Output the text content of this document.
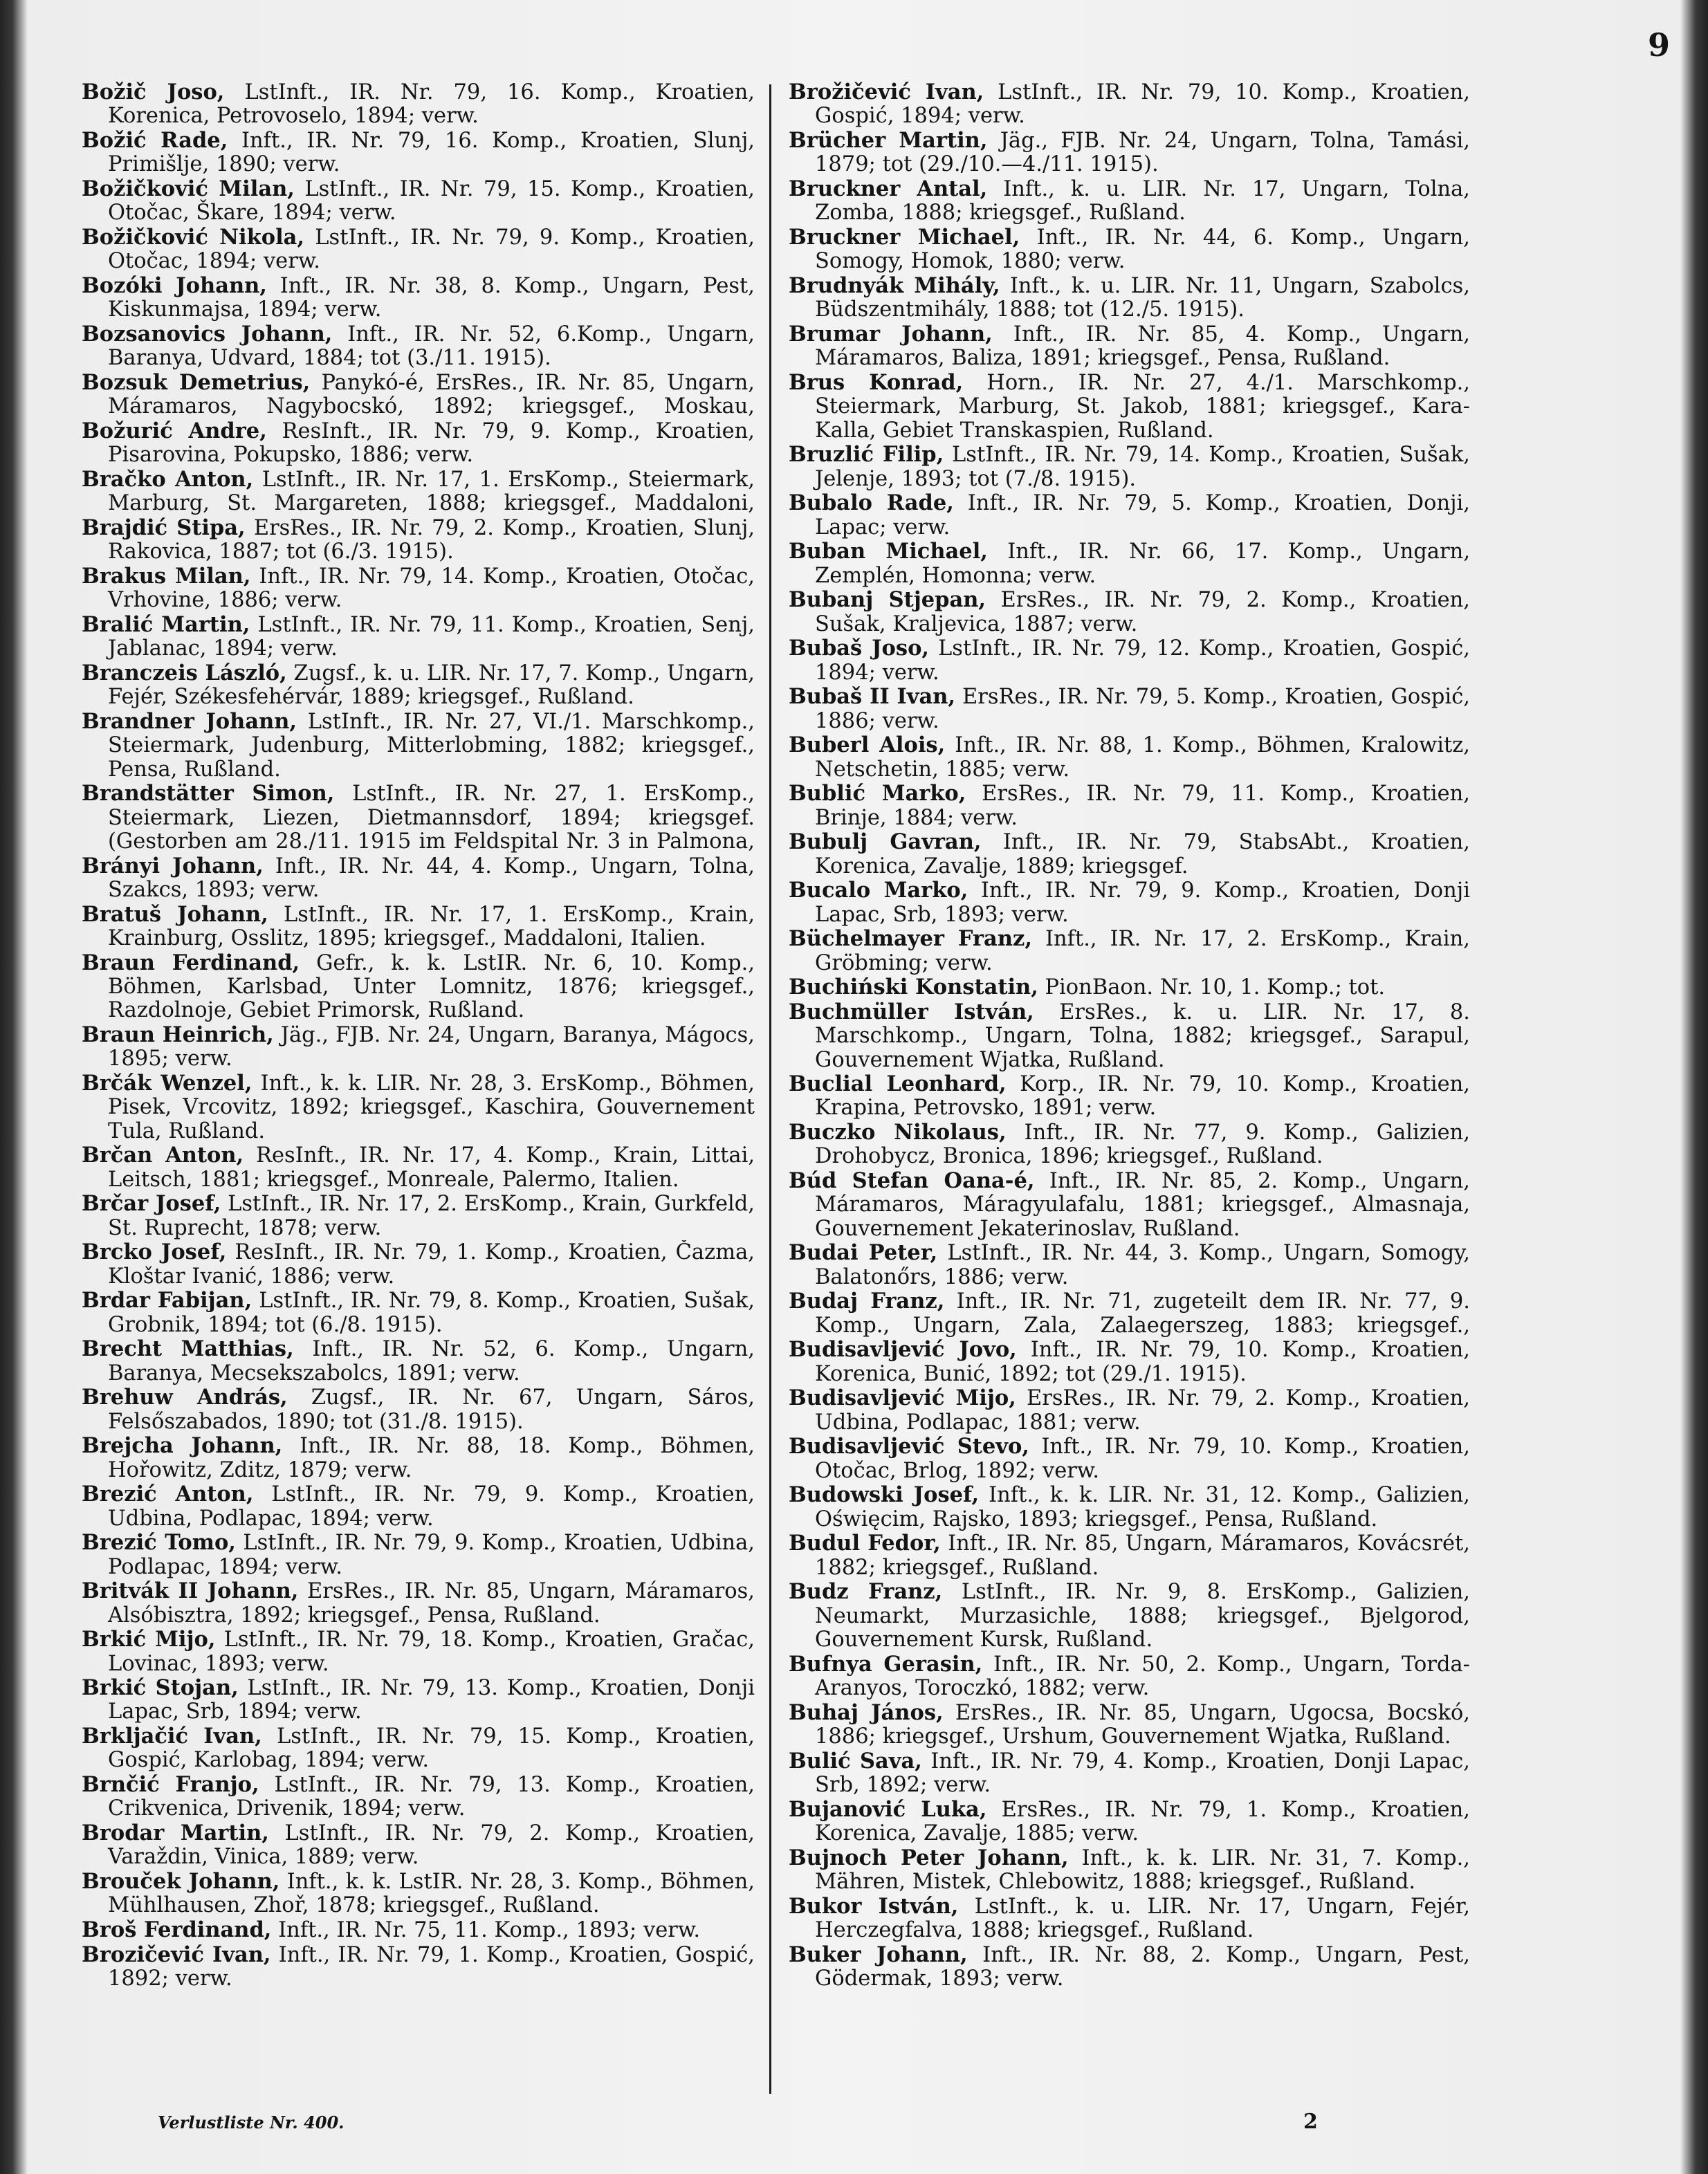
9

Božič Joso, LstInft., IR. Nr. 79, 16. Komp., Kroatien, Korenica, Petrovoselo, 1894; verw.

Božić Rade, Inft., IR. Nr. 79, 16. Komp., Kroatien, Slunj, Primišlje, 1890; verw.

Božičković Milan, LstInft., IR. Nr. 79, 15. Komp., Kroatien, Otočac, Škare, 1894; verw.

Božičković Nikola, LstInft., IR. Nr. 79, 9. Komp., Kroatien, Otočac, 1894; verw.

Bozóki Johann, Inft., IR. Nr. 38, 8. Komp., Ungarn, Pest, Kiskunmajsa, 1894; verw.

Bozsanovics Johann, Inft., IR. Nr. 52, 6.Komp., Ungarn, Baranya, Udvard, 1884; tot (3./11. 1915).

Bozsuk Demetrius, Panykó-é, ErsRes., IR. Nr. 85, Ungarn, Máramaros, Nagybocskó, 1892; kriegsgef., Moskau,

Božurić Andre, ResInft., IR. Nr. 79, 9. Komp., Kroatien, Pisarovina, Pokupsko, 1886; verw.

Bračko Anton, LstInft., IR. Nr. 17, 1. ErsKomp., Steiermark, Marburg, St. Margareten, 1888; kriegsgef., Maddaloni,

Brajdić Stipa, ErsRes., IR. Nr. 79, 2. Komp., Kroatien, Slunj, Rakovica, 1887; tot (6./3. 1915).

Brakus Milan, Inft., IR. Nr. 79, 14. Komp., Kroatien, Otočac, Vrhovine, 1886; verw.

Bralić Martin, LstInft., IR. Nr. 79, 11. Komp., Kroatien, Senj, Jablanac, 1894; verw.

Branczeis László, Zugsf., k. u. LIR. Nr. 17, 7. Komp., Ungarn, Fejér, Székesfehérvár, 1889; kriegsgef., Rußland.

Brandner Johann, LstInft., IR. Nr. 27, VI./1. Marschkomp., Steiermark, Judenburg, Mitterlobming, 1882; kriegsgef., Pensa, Rußland.

Brandstätter Simon, LstInft., IR. Nr. 27, 1. ErsKomp., Steiermark, Liezen, Dietmannsdorf, 1894; kriegsgef. (Gestorben am 28./11. 1915 im Feldspital Nr. 3 in Palmona,

Brányi Johann, Inft., IR. Nr. 44, 4. Komp., Ungarn, Tolna, Szakcs, 1893; verw.

Bratuš Johann, LstInft., IR. Nr. 17, 1. ErsKomp., Krain, Krainburg, Osslitz, 1895; kriegsgef., Maddaloni, Italien.

Braun Ferdinand, Gefr., k. k. LstIR. Nr. 6, 10. Komp., Böhmen, Karlsbad, Unter Lomnitz, 1876; kriegsgef., Razdolnoje, Gebiet Primorsk, Rußland.

Braun Heinrich, Jäg., FJB. Nr. 24, Ungarn, Baranya, Mágocs, 1895; verw.

Brčák Wenzel, Inft., k. k. LIR. Nr. 28, 3. ErsKomp., Böhmen, Pisek, Vrcovitz, 1892; kriegsgef., Kaschira, Gouvernement Tula, Rußland.

Brčan Anton, ResInft., IR. Nr. 17, 4. Komp., Krain, Littai, Leitsch, 1881; kriegsgef., Monreale, Palermo, Italien.

Brčar Josef, LstInft., IR. Nr. 17, 2. ErsKomp., Krain, Gurkfeld, St. Ruprecht, 1878; verw.

Brcko Josef, ResInft., IR. Nr. 79, 1. Komp., Kroatien, Čazma, Kloštar Ivanić, 1886; verw.

Brdar Fabijan, LstInft., IR. Nr. 79, 8. Komp., Kroatien, Sušak, Grobnik, 1894; tot (6./8. 1915).

Brecht Matthias, Inft., IR. Nr. 52, 6. Komp., Ungarn, Baranya, Mecsekszabolcs, 1891; verw.

Brehuw András, Zugsf., IR. Nr. 67, Ungarn, Sáros, Felsőszabados, 1890; tot (31./8. 1915).

Brejcha Johann, Inft., IR. Nr. 88, 18. Komp., Böhmen, Hořowitz, Zditz, 1879; verw.

Brezić Anton, LstInft., IR. Nr. 79, 9. Komp., Kroatien, Udbina, Podlapac, 1894; verw.

Brezić Tomo, LstInft., IR. Nr. 79, 9. Komp., Kroatien, Udbina, Podlapac, 1894; verw.

Britvák II Johann, ErsRes., IR. Nr. 85, Ungarn, Máramaros, Alsóbisztra, 1892; kriegsgef., Pensa, Rußland.

Brkić Mijo, LstInft., IR. Nr. 79, 18. Komp., Kroatien, Gračac, Lovinac, 1893; verw.

Brkić Stojan, LstInft., IR. Nr. 79, 13. Komp., Kroatien, Donji Lapac, Srb, 1894; verw.

Brkljačić Ivan, LstInft., IR. Nr. 79, 15. Komp., Kroatien, Gospić, Karlobag, 1894; verw.

Brnčić Franjo, LstInft., IR. Nr. 79, 13. Komp., Kroatien, Crikvenica, Drivenik, 1894; verw.

Brodar Martin, LstInft., IR. Nr. 79, 2. Komp., Kroatien, Varaždin, Vinica, 1889; verw.

Brouček Johann, Inft., k. k. LstIR. Nr. 28, 3. Komp., Böhmen, Mühlhausen, Zhoř, 1878; kriegsgef., Rußland.

Broš Ferdinand, Inft., IR. Nr. 75, 11. Komp., 1893; verw.

Brozičević Ivan, Inft., IR. Nr. 79, 1. Komp., Kroatien, Gospić, 1892; verw.

Brožičević Ivan, LstInft., IR. Nr. 79, 10. Komp., Kroatien, Gospić, 1894; verw.

Brücher Martin, Jäg., FJB. Nr. 24, Ungarn, Tolna, Tamási, 1879; tot (29./10.—4./11. 1915).

Bruckner Antal, Inft., k. u. LIR. Nr. 17, Ungarn, Tolna, Zomba, 1888; kriegsgef., Rußland.

Bruckner Michael, Inft., IR. Nr. 44, 6. Komp., Ungarn, Somogy, Homok, 1880; verw.

Brudnyák Mihály, Inft., k. u. LIR. Nr. 11, Ungarn, Szabolcs, Büdszentmihály, 1888; tot (12./5. 1915).

Brumar Johann, Inft., IR. Nr. 85, 4. Komp., Ungarn, Máramaros, Baliza, 1891; kriegsgef., Pensa, Rußland.

Brus Konrad, Horn., IR. Nr. 27, 4./1. Marschkomp., Steiermark, Marburg, St. Jakob, 1881; kriegsgef., Kara-Kalla, Gebiet Transkaspien, Rußland.

Bruzlić Filip, LstInft., IR. Nr. 79, 14. Komp., Kroatien, Sušak, Jelenje, 1893; tot (7./8. 1915).

Bubalo Rade, Inft., IR. Nr. 79, 5. Komp., Kroatien, Donji, Lapac; verw.

Buban Michael, Inft., IR. Nr. 66, 17. Komp., Ungarn, Zemplén, Homonna; verw.

Bubanj Stjepan, ErsRes., IR. Nr. 79, 2. Komp., Kroatien, Sušak, Kraljevica, 1887; verw.

Bubaš Joso, LstInft., IR. Nr. 79, 12. Komp., Kroatien, Gospić, 1894; verw.

Bubaš II Ivan, ErsRes., IR. Nr. 79, 5. Komp., Kroatien, Gospić, 1886; verw.

Buberl Alois, Inft., IR. Nr. 88, 1. Komp., Böhmen, Kralowitz, Netschetin, 1885; verw.

Bublić Marko, ErsRes., IR. Nr. 79, 11. Komp., Kroatien, Brinje, 1884; verw.

Bubulj Gavran, Inft., IR. Nr. 79, StabsAbt., Kroatien, Korenica, Zavalje, 1889; kriegsgef.

Bucalo Marko, Inft., IR. Nr. 79, 9. Komp., Kroatien, Donji Lapac, Srb, 1893; verw.

Büchelmayer Franz, Inft., IR. Nr. 17, 2. ErsKomp., Krain, Gröbming; verw.

Buchiński Konstatin, PionBaon. Nr. 10, 1. Komp.; tot.

Buchmüller István, ErsRes., k. u. LIR. Nr. 17, 8. Marschkomp., Ungarn, Tolna, 1882; kriegsgef., Sarapul, Gouvernement Wjatka, Rußland.

Buclial Leonhard, Korp., IR. Nr. 79, 10. Komp., Kroatien, Krapina, Petrovsko, 1891; verw.

Buczko Nikolaus, Inft., IR. Nr. 77, 9. Komp., Galizien, Drohobycz, Bronica, 1896; kriegsgef., Rußland.

Búd Stefan Oana-é, Inft., IR. Nr. 85, 2. Komp., Ungarn, Máramaros, Máragyulafalu, 1881; kriegsgef., Almasnaja, Gouvernement Jekaterinoslav, Rußland.

Budai Peter, LstInft., IR. Nr. 44, 3. Komp., Ungarn, Somogy, Balatonőrs, 1886; verw.

Budaj Franz, Inft., IR. Nr. 71, zugeteilt dem IR. Nr. 77, 9. Komp., Ungarn, Zala, Zalaegerszeg, 1883; kriegsgef.,

Budisavljević Jovo, Inft., IR. Nr. 79, 10. Komp., Kroatien, Korenica, Bunić, 1892; tot (29./1. 1915).

Budisavljević Mijo, ErsRes., IR. Nr. 79, 2. Komp., Kroatien, Udbina, Podlapac, 1881; verw.

Budisavljević Stevo, Inft., IR. Nr. 79, 10. Komp., Kroatien, Otočac, Brlog, 1892; verw.

Budowski Josef, Inft., k. k. LIR. Nr. 31, 12. Komp., Galizien, Oświęcim, Rajsko, 1893; kriegsgef., Pensa, Rußland.

Budul Fedor, Inft., IR. Nr. 85, Ungarn, Máramaros, Kovácsrét, 1882; kriegsgef., Rußland.

Budz Franz, LstInft., IR. Nr. 9, 8. ErsKomp., Galizien, Neumarkt, Murzasichle, 1888; kriegsgef., Bjelgorod, Gouvernement Kursk, Rußland.

Bufnya Gerasin, Inft., IR. Nr. 50, 2. Komp., Ungarn, Torda-Aranyos, Toroczkó, 1882; verw.

Buhaj János, ErsRes., IR. Nr. 85, Ungarn, Ugocsa, Bocskó, 1886; kriegsgef., Urshum, Gouvernement Wjatka, Rußland.

Bulić Sava, Inft., IR. Nr. 79, 4. Komp., Kroatien, Donji Lapac, Srb, 1892; verw.

Bujanović Luka, ErsRes., IR. Nr. 79, 1. Komp., Kroatien, Korenica, Zavalje, 1885; verw.

Bujnoch Peter Johann, Inft., k. k. LIR. Nr. 31, 7. Komp., Mähren, Mistek, Chlebowitz, 1888; kriegsgef., Rußland.

Bukor István, LstInft., k. u. LIR. Nr. 17, Ungarn, Fejér, Herczegfalva, 1888; kriegsgef., Rußland.

Buker Johann, Inft., IR. Nr. 88, 2. Komp., Ungarn, Pest, Gödermak, 1893; verw.

Verlustliste Nr. 400.	2
